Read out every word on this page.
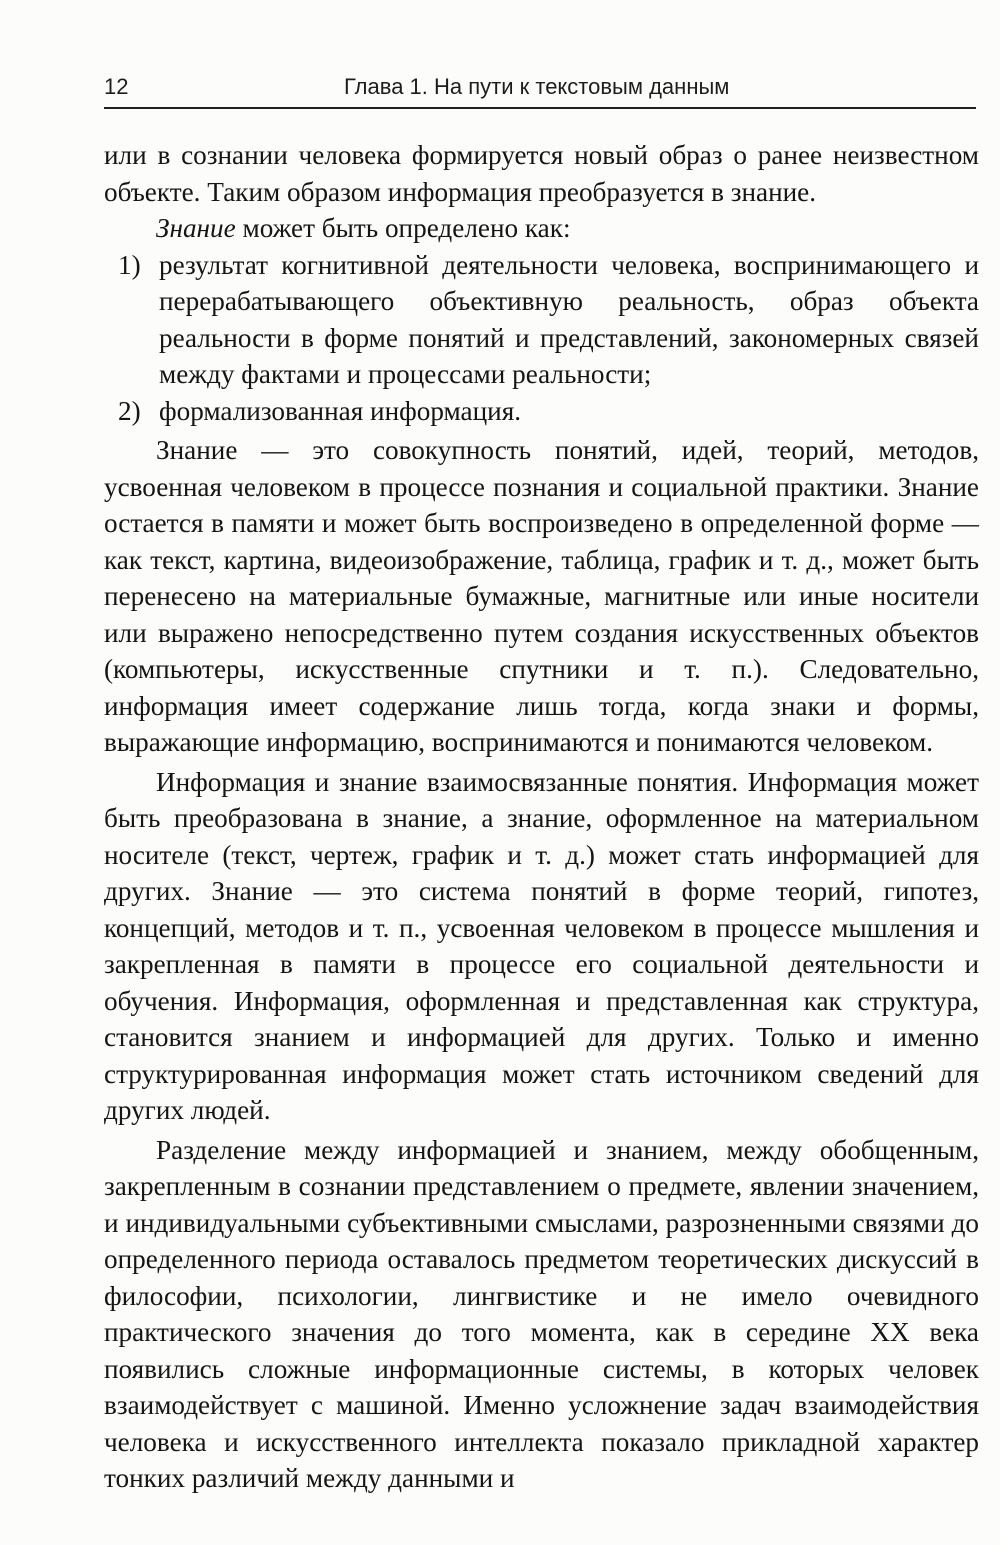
12	Глава 1. На пути к текстовым данным

или в сознании человека формируется новый образ о ранее неизвестном объекте. Таким образом информация преобразуется в знание.

Знание может быть определено как:

1) результат когнитивной деятельности человека, воспринимающего и перерабатывающего объективную реальность, образ объекта реальности в форме понятий и представлений, закономерных связей между фактами и процессами реальности;
2) формализованная информация.

Знание — это совокупность понятий, идей, теорий, методов, усвоенная человеком в процессе познания и социальной практики. Знание остается в памяти и может быть воспроизведено в определенной форме — как текст, картина, видеоизображение, таблица, график и т. д., может быть перенесено на материальные бумажные, магнитные или иные носители или выражено непосредственно путем создания искусственных объектов (компьютеры, искусственные спутники и т. п.). Следовательно, информация имеет содержание лишь тогда, когда знаки и формы, выражающие информацию, воспринимаются и понимаются человеком.

Информация и знание взаимосвязанные понятия. Информация может быть преобразована в знание, а знание, оформленное на материальном носителе (текст, чертеж, график и т. д.) может стать информацией для других. Знание — это система понятий в форме теорий, гипотез, концепций, методов и т. п., усвоенная человеком в процессе мышления и закрепленная в памяти в процессе его социальной деятельности и обучения. Информация, оформленная и представленная как структура, становится знанием и информацией для других. Только и именно структурированная информация может стать источником сведений для других людей.

Разделение между информацией и знанием, между обобщенным, закрепленным в сознании представлением о предмете, явлении значением, и индивидуальными субъективными смыслами, разрозненными связями до определенного периода оставалось предметом теоретических дискуссий в философии, психологии, лингвистике и не имело очевидного практического значения до того момента, как в середине XX века появились сложные информационные системы, в которых человек взаимодействует с машиной. Именно усложнение задач взаимодействия человека и искусственного интеллекта показало прикладной характер тонких различий между данными и
